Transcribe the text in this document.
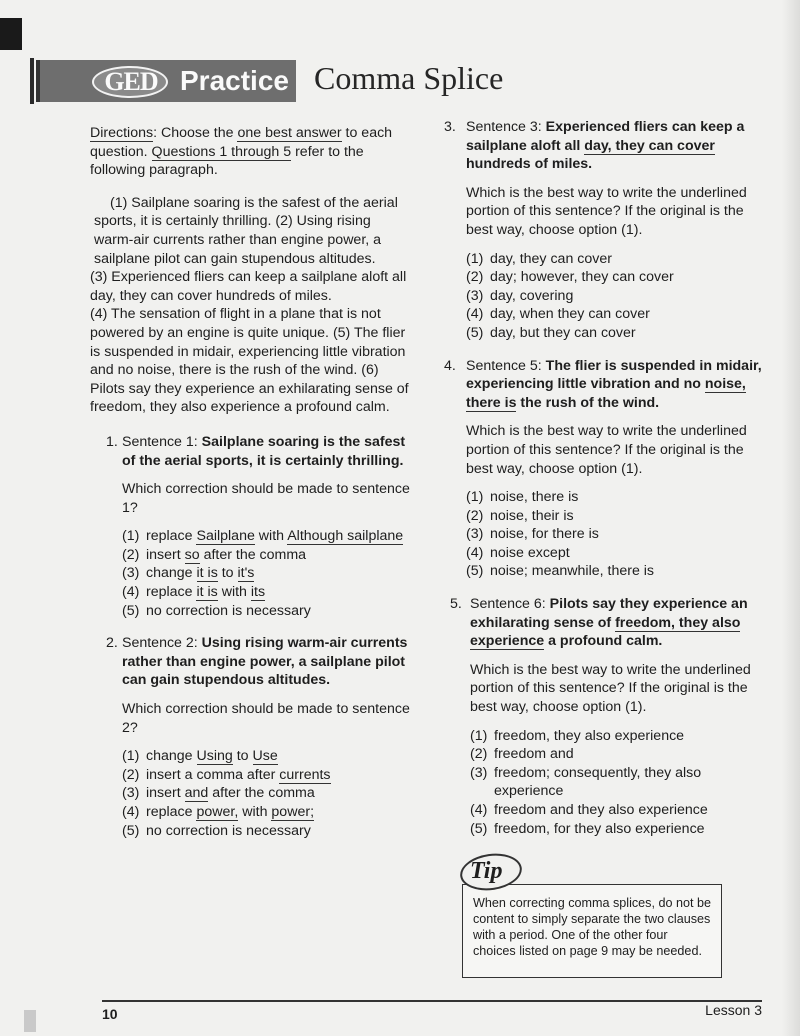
GED Practice Comma Splice

Directions: Choose the one best answer to each question. Questions 1 through 5 refer to the following paragraph.

(1) Sailplane soaring is the safest of the aerial sports, it is certainly thrilling. (2) Using rising warm-air currents rather than engine power, a sailplane pilot can gain stupendous altitudes.

(3) Experienced fliers can keep a sailplane aloft all day, they can cover hundreds of miles.

(4) The sensation of flight in a plane that is not powered by an engine is quite unique. (5) The flier is suspended in midair, experiencing little vibration and no noise, there is the rush of the wind. (6) Pilots say they experience an exhilarating sense of freedom, they also experience a profound calm.

1. Sentence 1: Sailplane soaring is the safest of the aerial sports, it is certainly thrilling.

Which correction should be made to sentence 1?

(1) replace Sailplane with Although sailplane
(2) insert so after the comma
(3) change it is to it's
(4) replace it is with its
(5) no correction is necessary
2. Sentence 2: Using rising warm-air currents rather than engine power, a sailplane pilot can gain stupendous altitudes.

Which correction should be made to sentence 2?

(1) change Using to Use
(2) insert a comma after currents
(3) insert and after the comma
(4) replace power, with power;
(5) no correction is necessary
3. Sentence 3: Experienced fliers can keep a sailplane aloft all day, they can cover hundreds of miles.

Which is the best way to write the underlined portion of this sentence? If the original is the best way, choose option (1).

(1) day, they can cover
(2) day; however, they can cover
(3) day, covering
(4) day, when they can cover
(5) day, but they can cover
4. Sentence 5: The flier is suspended in midair, experiencing little vibration and no noise, there is the rush of the wind.

Which is the best way to write the underlined portion of this sentence? If the original is the best way, choose option (1).

(1) noise, there is
(2) noise, their is
(3) noise, for there is
(4) noise except
(5) noise; meanwhile, there is
5. Sentence 6: Pilots say they experience an exhilarating sense of freedom, they also experience a profound calm.

Which is the best way to write the underlined portion of this sentence? If the original is the best way, choose option (1).

(1) freedom, they also experience
(2) freedom and
(3) freedom; consequently, they also experience
(4) freedom and they also experience
(5) freedom, for they also experience

When correcting comma splices, do not be content to simply separate the two clauses with a period. One of the other four choices listed on page 9 may be needed.

Tip
10	Lesson 3
